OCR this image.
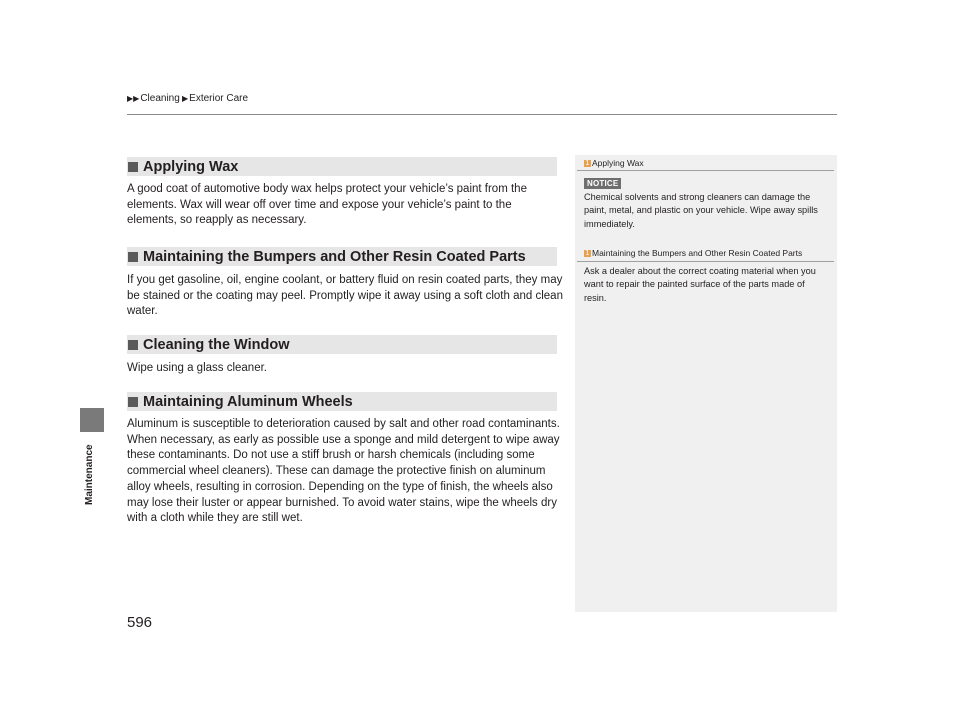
▶▶Cleaning ▶Exterior Care
Maintenance
Applying Wax

A good coat of automotive body wax helps protect your vehicle’s paint from the elements. Wax will wear off over time and expose your vehicle’s paint to the elements, so reapply as necessary.

Maintaining the Bumpers and Other Resin Coated Parts

If you get gasoline, oil, engine coolant, or battery fluid on resin coated parts, they may be stained or the coating may peel. Promptly wipe it away using a soft cloth and clean water.

Cleaning the Window

Wipe using a glass cleaner.

Maintaining Aluminum Wheels

Aluminum is susceptible to deterioration caused by salt and other road contaminants. When necessary, as early as possible use a sponge and mild detergent to wipe away these contaminants. Do not use a stiff brush or harsh chemicals (including some commercial wheel cleaners). These can damage the protective finish on aluminum alloy wheels, resulting in corrosion. Depending on the type of finish, the wheels also may lose their luster or appear burnished. To avoid water stains, wipe the wheels dry with a cloth while they are still wet.

1 Applying Wax
NOTICE

Chemical solvents and strong cleaners can damage the paint, metal, and plastic on your vehicle. Wipe away spills immediately.

1 Maintaining the Bumpers and Other Resin Coated Parts

Ask a dealer about the correct coating material when you want to repair the painted surface of the parts made of resin.

596
